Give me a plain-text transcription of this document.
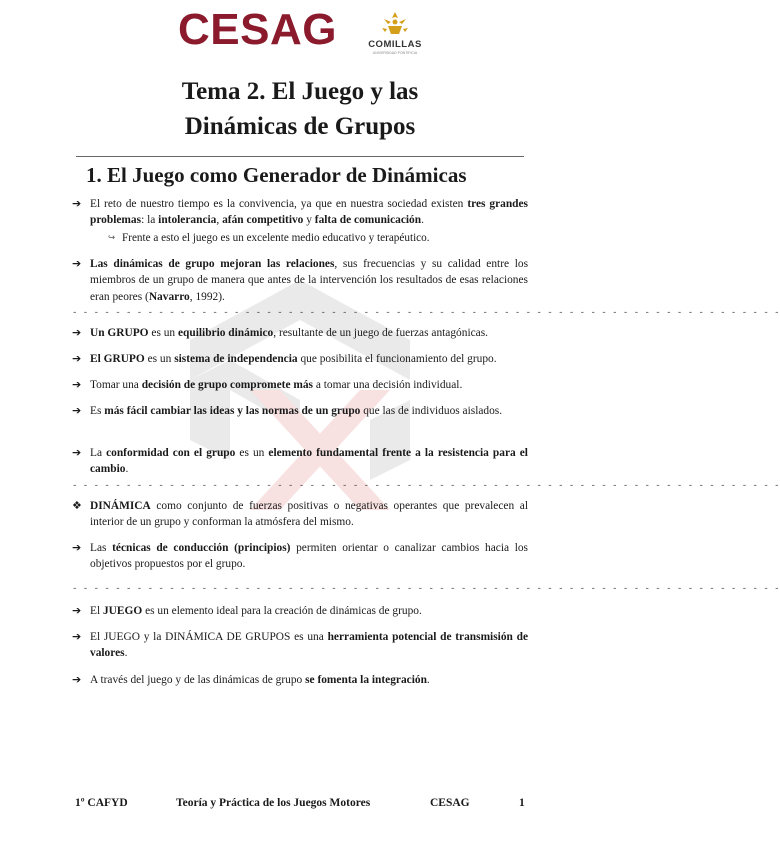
CESAG	COMILLAS
UNIVERSIDAD PONTIFICIA
Tema 2. El Juego y las
Dinámicas de Grupos
1. El Juego como Generador de Dinámicas
➔ El reto de nuestro tiempo es la convivencia, ya que en nuestra sociedad existen tres grandes problemas: la intolerancia, afán competitivo y falta de comunicación.
↪ Frente a esto el juego es un excelente medio educativo y terapéutico.
➔ Las dinámicas de grupo mejoran las relaciones, sus frecuencias y su calidad entre los miembros de un grupo de manera que antes de la intervención los resultados de esas relaciones eran peores (Navarro, 1992).
- - - - - - - - - - - - - - - - - - - - - - - - - - - - - - - - - - - - - - - - - - - - - - - - - - - - - - - - - - - - - - - - - -
➔ Un GRUPO es un equilibrio dinámico, resultante de un juego de fuerzas antagónicas.
➔ El GRUPO es un sistema de independencia que posibilita el funcionamiento del grupo.
➔ Tomar una decisión de grupo compromete más a tomar una decisión individual.
➔ Es más fácil cambiar las ideas y las normas de un grupo que las de individuos aislados.
➔ La conformidad con el grupo es un elemento fundamental frente a la resistencia para el cambio.
- - - - - - - - - - - - - - - - - - - - - - - - - - - - - - - - - - - - - - - - - - - - - - - - - - - - - - - - - - - - - - - - - -
❖ DINÁMICA como conjunto de fuerzas positivas o negativas operantes que prevalecen al interior de un grupo y conforman la atmósfera del mismo.
➔ Las técnicas de conducción (principios) permiten orientar o canalizar cambios hacia los objetivos propuestos por el grupo.
- - - - - - - - - - - - - - - - - - - - - - - - - - - - - - - - - - - - - - - - - - - - - - - - - - - - - - - - - - - - - - - - - -
➔ El JUEGO es un elemento ideal para la creación de dinámicas de grupo.
➔ El JUEGO y la DINÁMICA DE GRUPOS es una herramienta potencial de transmisión de valores.
➔ A través del juego y de las dinámicas de grupo se fomenta la integración.
1º CAFYD	Teoría y Práctica de los Juegos Motores	CESAG	1
